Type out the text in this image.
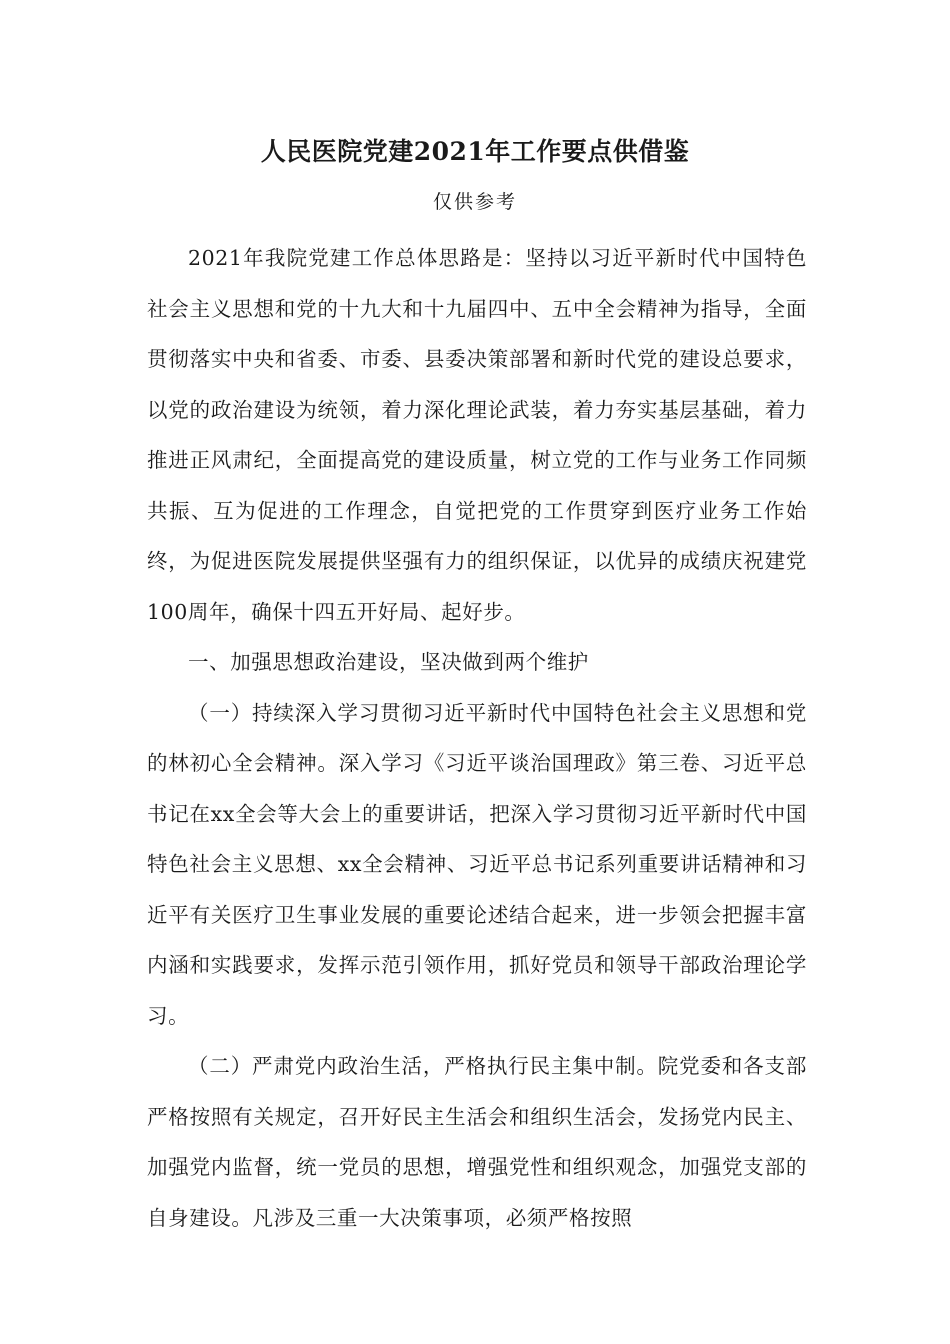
人民医院党建2021年工作要点供借鉴

仅供参考

2021年我院党建工作总体思路是：坚持以习近平新时代中国特色社会主义思想和党的十九大和十九届四中、五中全会精神为指导，全面贯彻落实中央和省委、市委、县委决策部署和新时代党的建设总要求，以党的政治建设为统领，着力深化理论武装，着力夯实基层基础，着力推进正风肃纪，全面提高党的建设质量，树立党的工作与业务工作同频共振、互为促进的工作理念，自觉把党的工作贯穿到医疗业务工作始终，为促进医院发展提供坚强有力的组织保证，以优异的成绩庆祝建党100周年，确保十四五开好局、起好步。

一、加强思想政治建设，坚决做到两个维护

（一）持续深入学习贯彻习近平新时代中国特色社会主义思想和党的林初心全会精神。深入学习《习近平谈治国理政》第三卷、习近平总书记在xx全会等大会上的重要讲话，把深入学习贯彻习近平新时代中国特色社会主义思想、xx全会精神、习近平总书记系列重要讲话精神和习近平有关医疗卫生事业发展的重要论述结合起来，进一步领会把握丰富内涵和实践要求，发挥示范引领作用，抓好党员和领导干部政治理论学习。

（二）严肃党内政治生活，严格执行民主集中制。院党委和各支部严格按照有关规定，召开好民主生活会和组织生活会，发扬党内民主、加强党内监督，统一党员的思想，增强党性和组织观念，加强党支部的自身建设。凡涉及三重一大决策事项，必须严格按照
